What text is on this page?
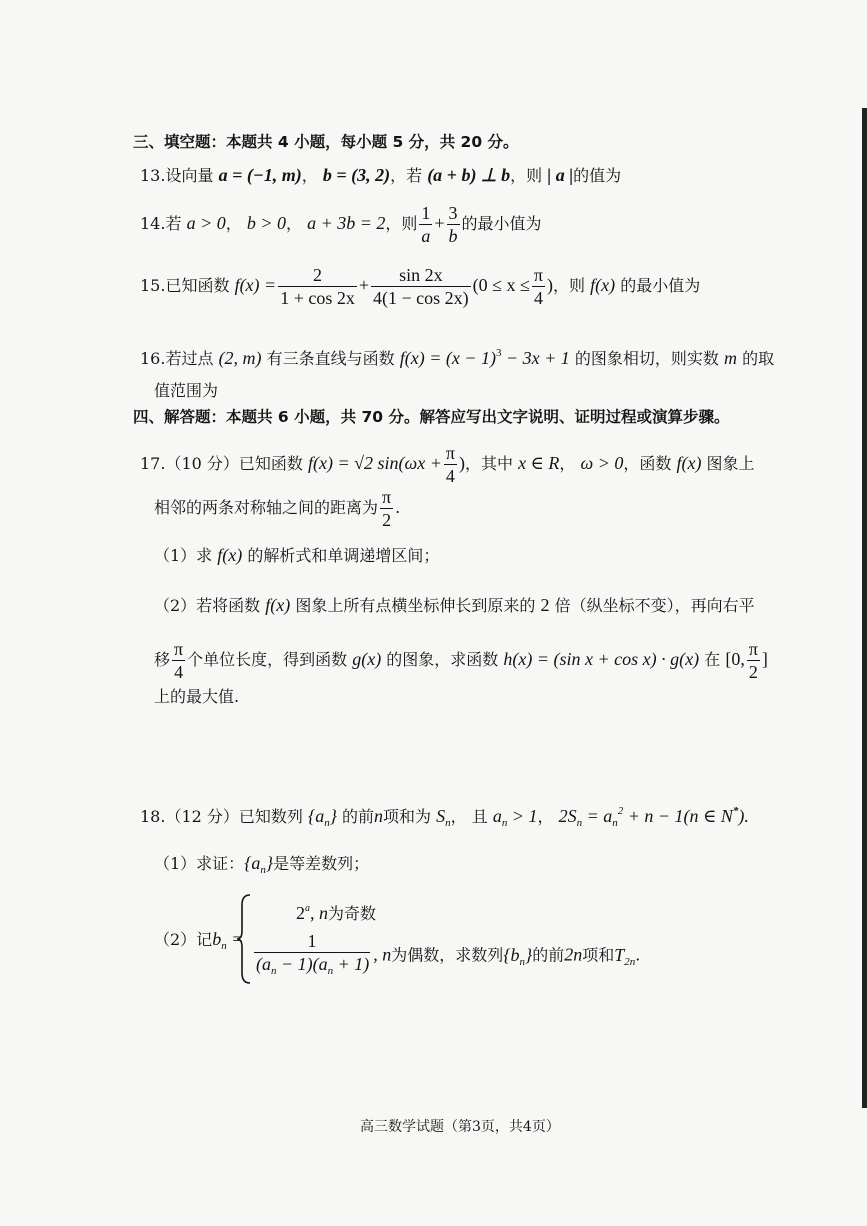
三、填空题：本题共 4 小题，每小题 5 分，共 20 分。
13.设向量 a = (−1, m)， b = (3, 2)，若 (a + b) ⊥ b，则 | a |的值为
14.若 a > 0， b > 0， a + 3b = 2，则 $\frac{1}{a} + \frac{3}{b}$ 的最小值为
15.已知函数 $f(x) = \frac{2}{1 + \cos 2x} + \frac{\sin 2x}{4(1 - \cos 2x)} (0 \le x \le \frac{\pi}{4}$ )，则 f(x) 的最小值为
16.若过点 (2, m) 有三条直线与函数 $f(x) = (x - 1)^3 - 3x + 1$ 的图象相切，则实数 m 的取
值范围为
四、解答题：本题共 6 小题，共 70 分。解答应写出文字说明、证明过程或演算步骤。
17.（10 分）已知函数 f(x) = √2 $\sin(\omega x + \frac{\pi}{4}$ )，其中 x ∈ R， ω > 0，函数 f(x) 图象上
相邻的两条对称轴之间的距离为 $\frac{\pi}{2}$ .
（1）求 f(x) 的解析式和单调递增区间；
（2）若将函数 f(x) 图象上所有点横坐标伸长到原来的 2 倍（纵坐标不变），再向右平
移 $\frac{\pi}{4}$ 个单位长度，得到函数 g(x) 的图象，求函数 h(x) = (sin x + cos x) · g(x) 在 [0, $\frac{\pi}{2}$ ]
上的最大值.
18.（12 分）已知数列 $\{a_n\}$ 的前n项和为 $S_n$， 且 $a_n > 1$， $2S_n = a_n^2 + n - 1(n$ ∈ N*).
（1）求证：$\{a_n\}$是等差数列；
（2）记$b_n$ =
$2^a$, n为奇数
$\frac{1}{(a_n - 1)(a_n + 1)}$ , n为偶数，求数列$\{b_n\}$的前2n项和$T_{2n}$.
高三数学试题（第3页，共4页）
